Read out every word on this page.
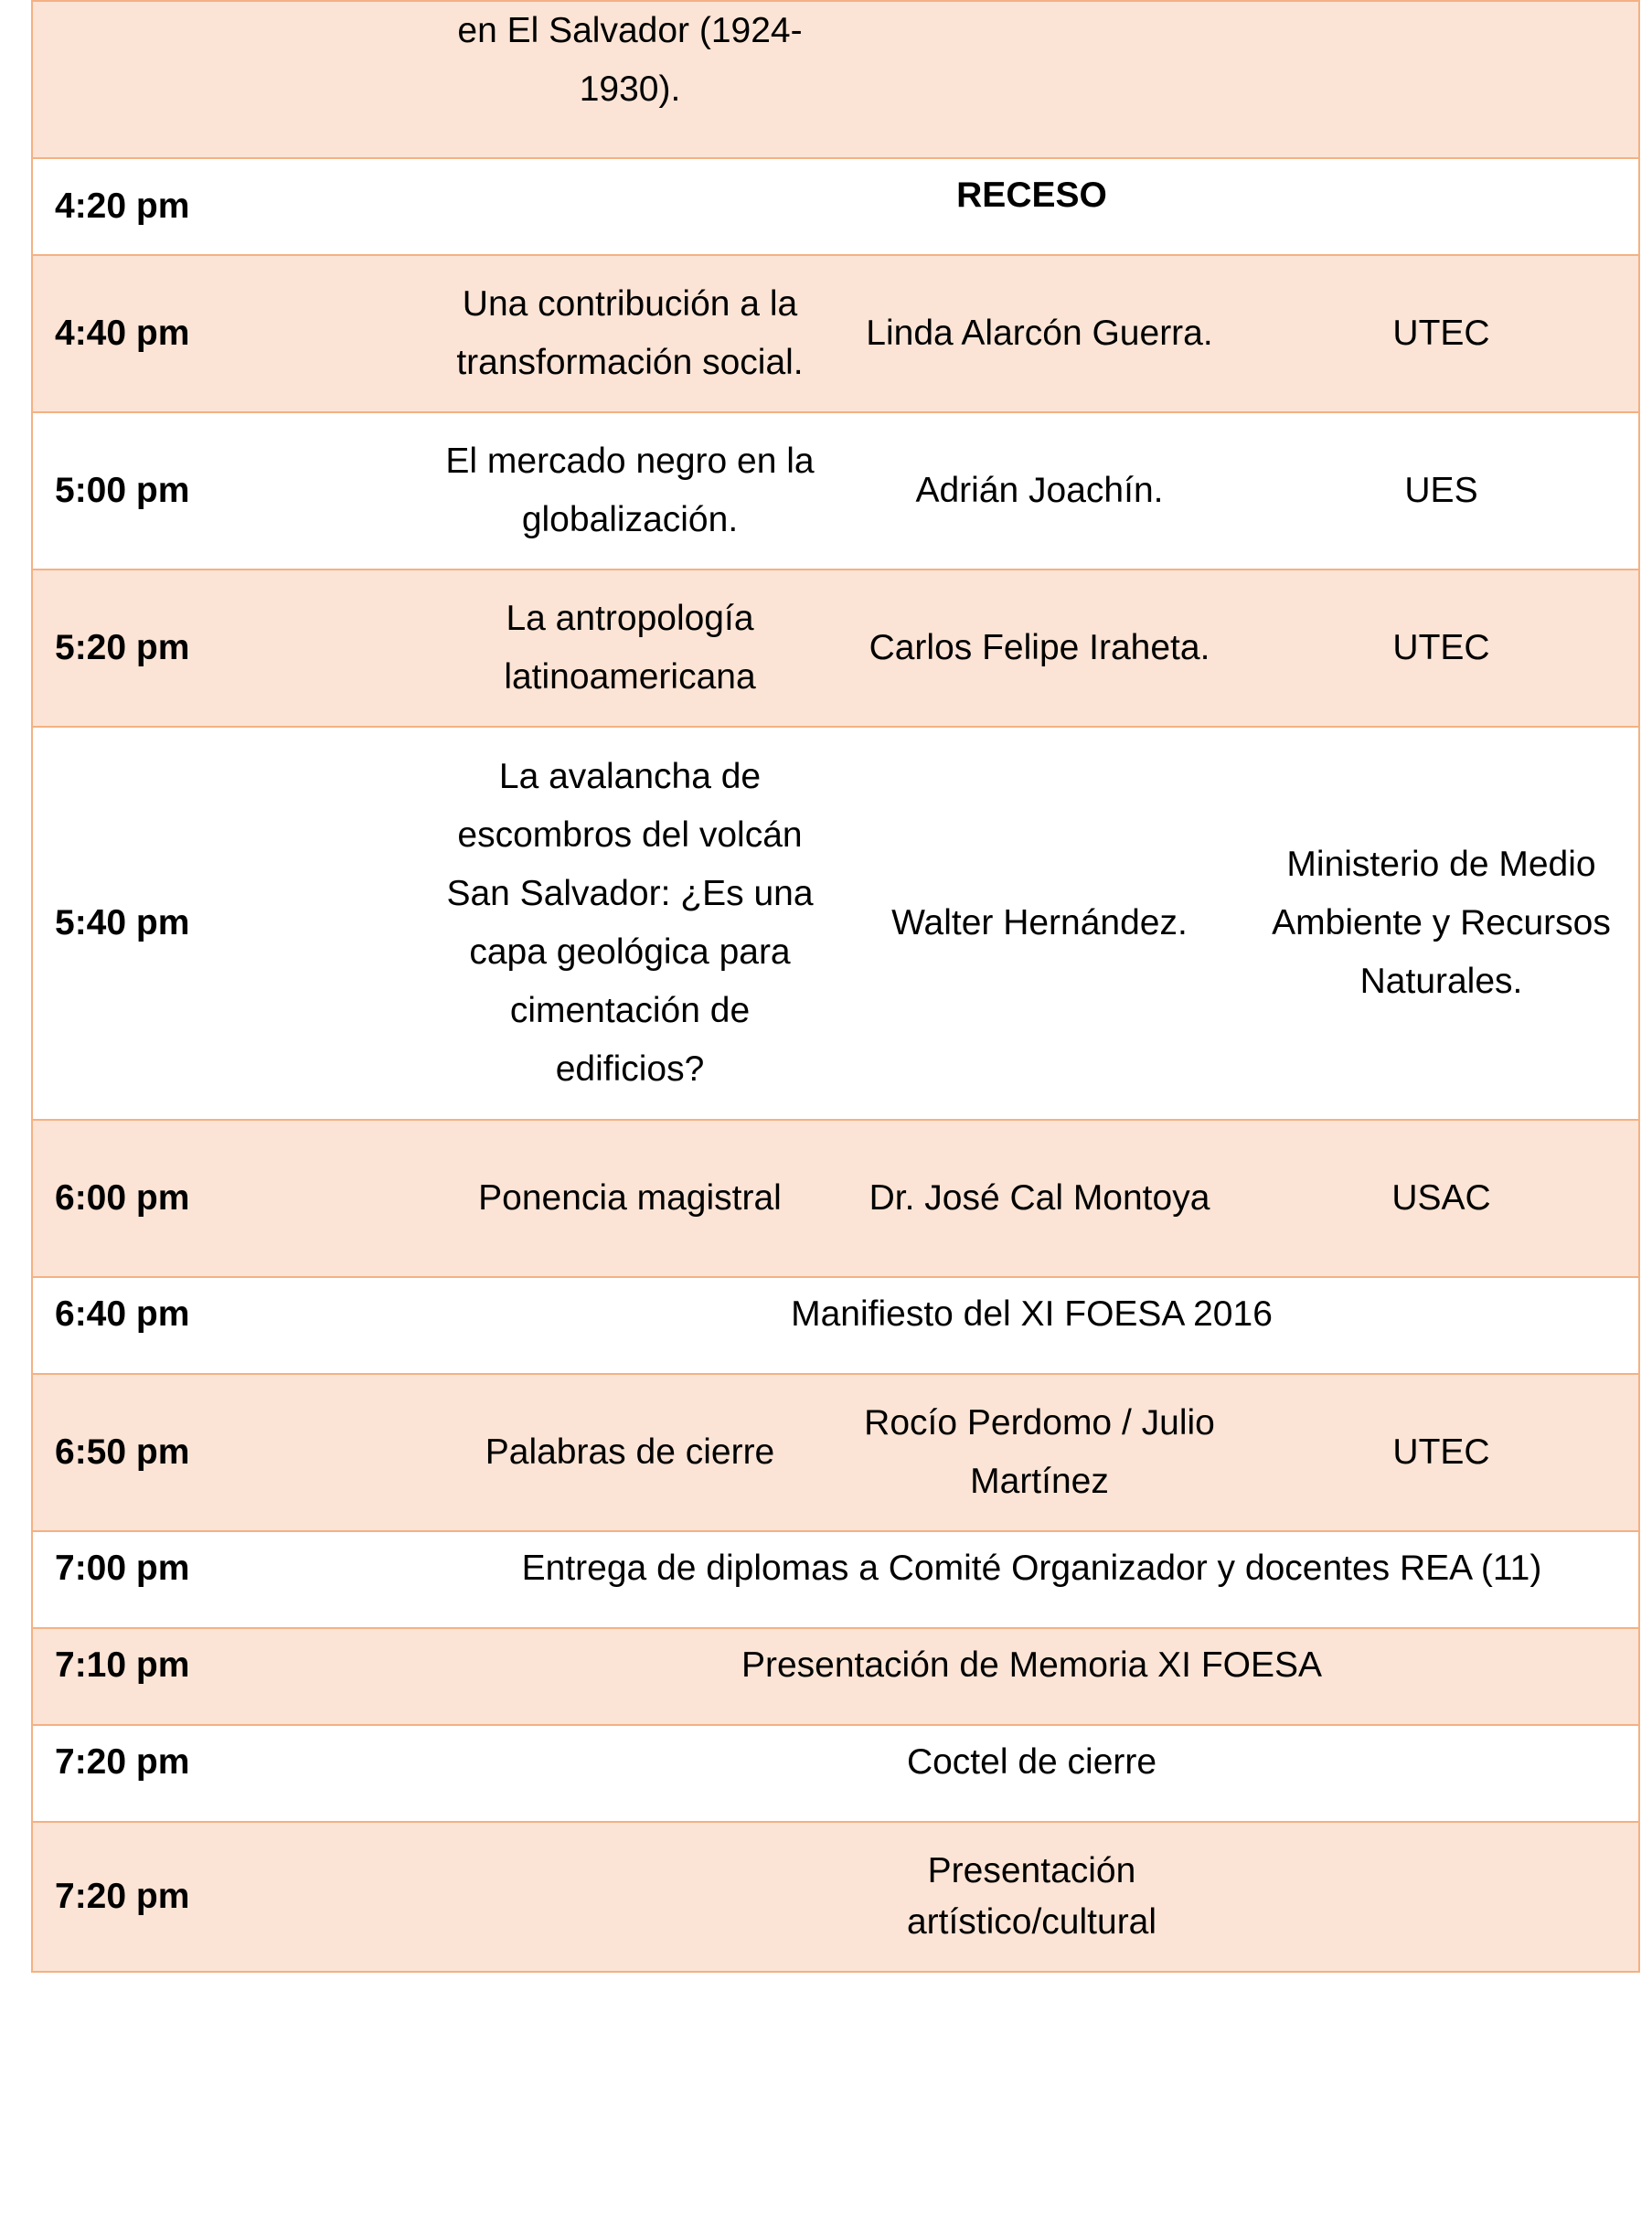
	en El Salvador (1924-1930).		

4:20 pm	RECESO		
4:40 pm	Una contribución a la transformación social.	Linda Alarcón Guerra.	UTEC
5:00 pm	El mercado negro en la globalización.	Adrián Joachín.	UES
5:20 pm	La antropología latinoamericana	Carlos Felipe Iraheta.	UTEC
5:40 pm	La avalancha de escombros del volcán San Salvador: ¿Es una capa geológica para cimentación de edificios?	Walter Hernández.	Ministerio de Medio Ambiente y Recursos Naturales.
6:00 pm	Ponencia magistral	Dr. José Cal Montoya	USAC
6:40 pm	Manifiesto del XI FOESA 2016		
6:50 pm	Palabras de cierre	Rocío Perdomo / Julio Martínez	UTEC
7:00 pm	Entrega de diplomas a Comité Organizador y docentes REA (11)		
7:10 pm	Presentación de Memoria XI FOESA		
7:20 pm	Coctel de cierre		
7:20 pm	Presentación artístico/cultural		
